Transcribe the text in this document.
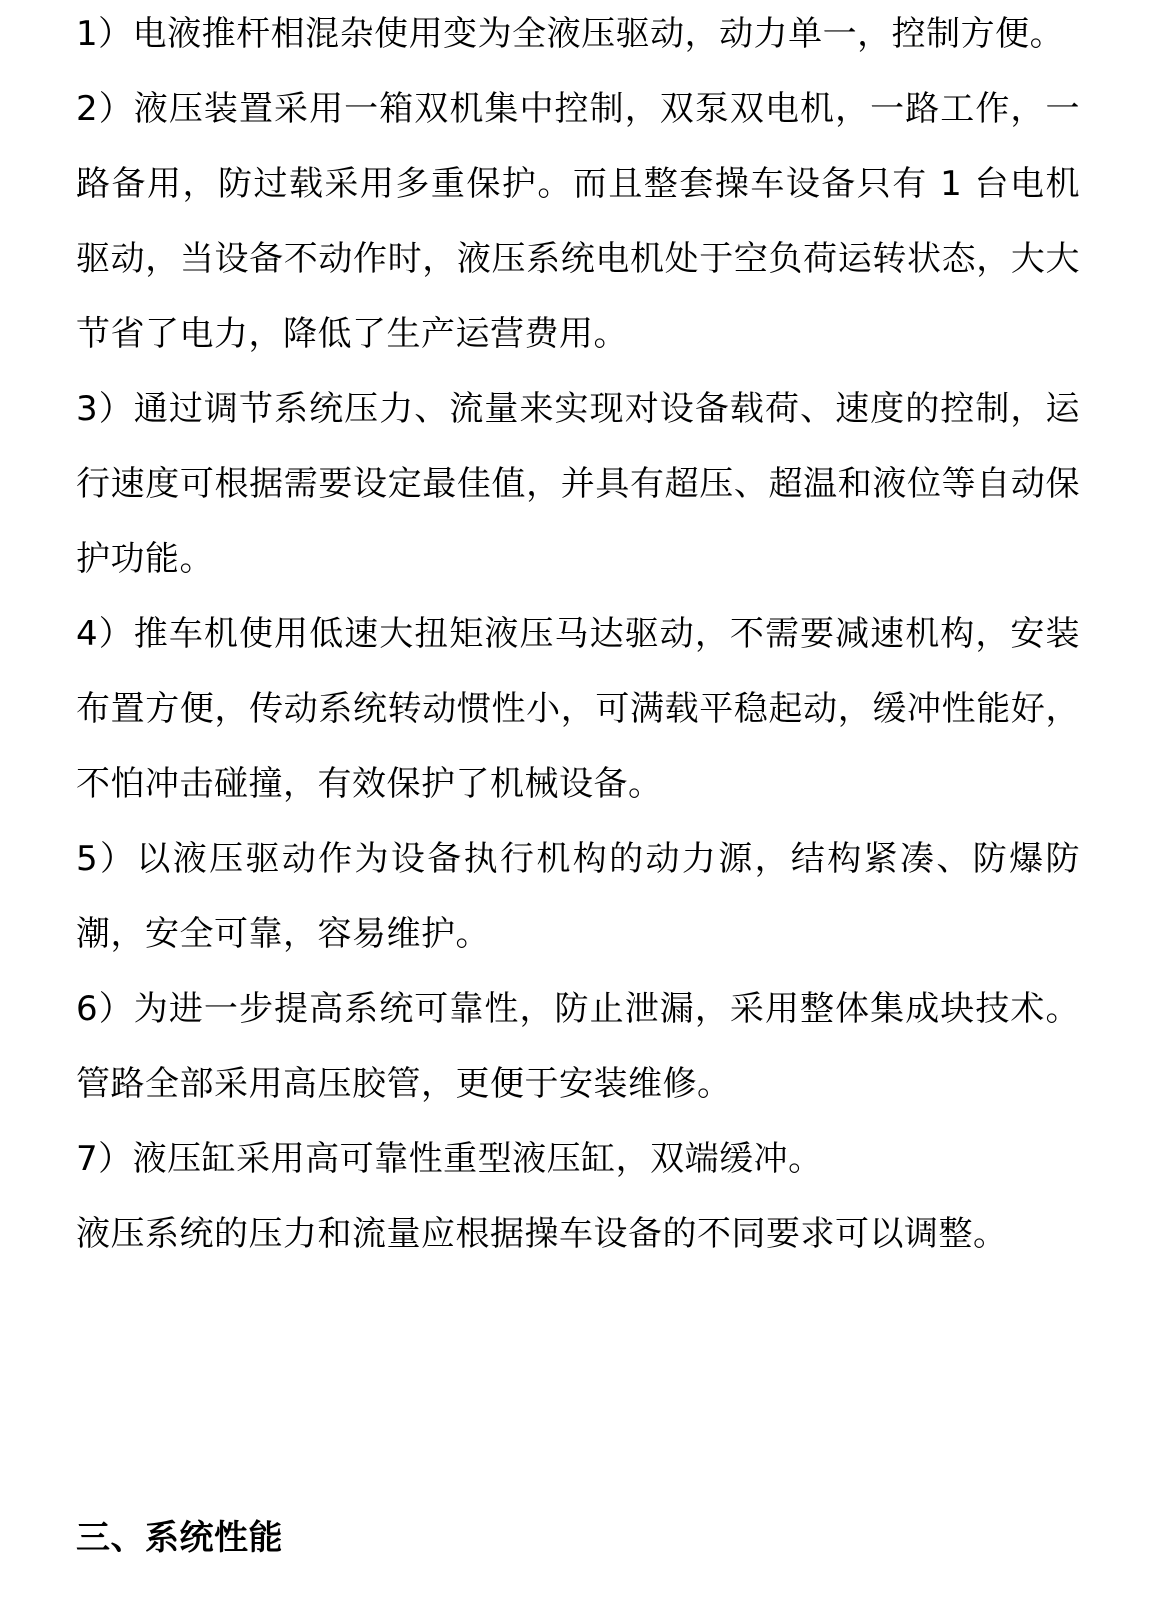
1）电液推杆相混杂使用变为全液压驱动，动力单一，控制方便。

2）液压装置采用一箱双机集中控制，双泵双电机，一路工作，一路备用，防过载采用多重保护。而且整套操车设备只有 1 台电机驱动，当设备不动作时，液压系统电机处于空负荷运转状态，大大节省了电力，降低了生产运营费用。

3）通过调节系统压力、流量来实现对设备载荷、速度的控制，运行速度可根据需要设定最佳值，并具有超压、超温和液位等自动保护功能。

4）推车机使用低速大扭矩液压马达驱动，不需要减速机构，安装布置方便，传动系统转动惯性小，可满载平稳起动，缓冲性能好，不怕冲击碰撞，有效保护了机械设备。

5）以液压驱动作为设备执行机构的动力源，结构紧凑、防爆防潮，安全可靠，容易维护。

6）为进一步提高系统可靠性，防止泄漏，采用整体集成块技术。管路全部采用高压胶管，更便于安装维修。

7）液压缸采用高可靠性重型液压缸，双端缓冲。

液压系统的压力和流量应根据操车设备的不同要求可以调整。

三、系统性能
